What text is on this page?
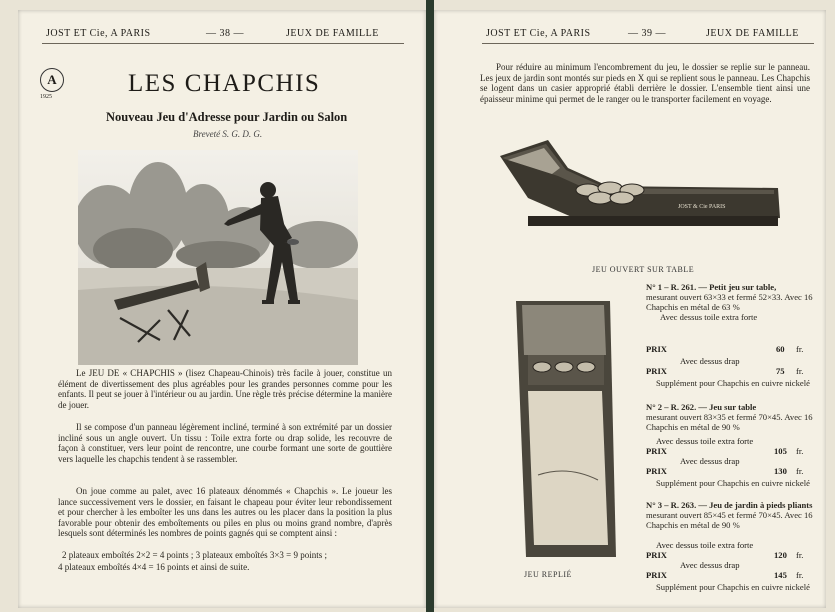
JOST ET Cie, A PARIS	— 38 —	JEUX DE FAMILLE
A
1925	LES CHAPCHIS
Nouveau Jeu d'Adresse pour Jardin ou Salon
Breveté S. G. D. G.
Le JEU DE « CHAPCHIS » (lisez Chapeau-Chinois) très facile à jouer, constitue un élément de divertissement des plus agréables pour les grandes personnes comme pour les enfants. Il peut se jouer à l'intérieur ou au jardin. Une règle très précise détermine la manière de jouer.
Il se compose d'un panneau légèrement incliné, terminé à son extrémité par un dossier incliné sous un angle ouvert. Un tissu : Toile extra forte ou drap solide, les recouvre de façon à constituer, vers leur point de rencontre, une courbe formant une sorte de gouttière vers laquelle les chapchis tendent à se rassembler.
On joue comme au palet, avec 16 plateaux dénommés « Chapchis ». Le joueur les lance successivement vers le dossier, en faisant le chapeau pour éviter leur rebondissement et pour chercher à les emboîter les uns dans les autres ou les placer dans la position la plus favorable pour obtenir des emboîtements ou piles en plus ou moins grand nombre, d'après lesquels sont déterminés les nombres de points gagnés qui se comptent ainsi :
2 plateaux emboîtés 2×2 = 4 points ; 3 plateaux emboîtés 3×3 = 9 points ;
4 plateaux emboîtés 4×4 = 16 points et ainsi de suite.
JOST ET Cie, A PARIS	— 39 —	JEUX DE FAMILLE
Pour réduire au minimum l'encombrement du jeu, le dossier se replie sur le panneau. Les jeux de jardin sont montés sur pieds en X qui se replient sous le panneau. Les Chapchis se logent dans un casier approprié établi derrière le dossier. L'ensemble tient ainsi une épaisseur minime qui permet de le ranger ou le transporter facilement en voyage.
JOST & Cie PARIS
JEU OUVERT SUR TABLE
JEU REPLIÉ
N° 1 – R. 261. — Petit jeu sur table,
mesurant ouvert 63×33 et fermé 52×33. Avec 16 Chapchis en métal de 63 %
Avec dessus toile extra forte
PRIX	60 fr.
Avec dessus drap
PRIX	75 fr.
Supplément pour Chapchis en cuivre nickelé
N° 2 – R. 262. — Jeu sur table
mesurant ouvert 83×35 et fermé 70×45. Avec 16 Chapchis en métal de 90 %
Avec dessus toile extra forte
PRIX	105 fr.
Avec dessus drap
PRIX	130 fr.
Supplément pour Chapchis en cuivre nickelé
N° 3 – R. 263. — Jeu de jardin à pieds pliants
mesurant ouvert 85×45 et fermé 70×45. Avec 16 Chapchis en métal de 90 %
Avec dessus toile extra forte
PRIX	120 fr.
Avec dessus drap
PRIX	145 fr.
Supplément pour Chapchis en cuivre nickelé
